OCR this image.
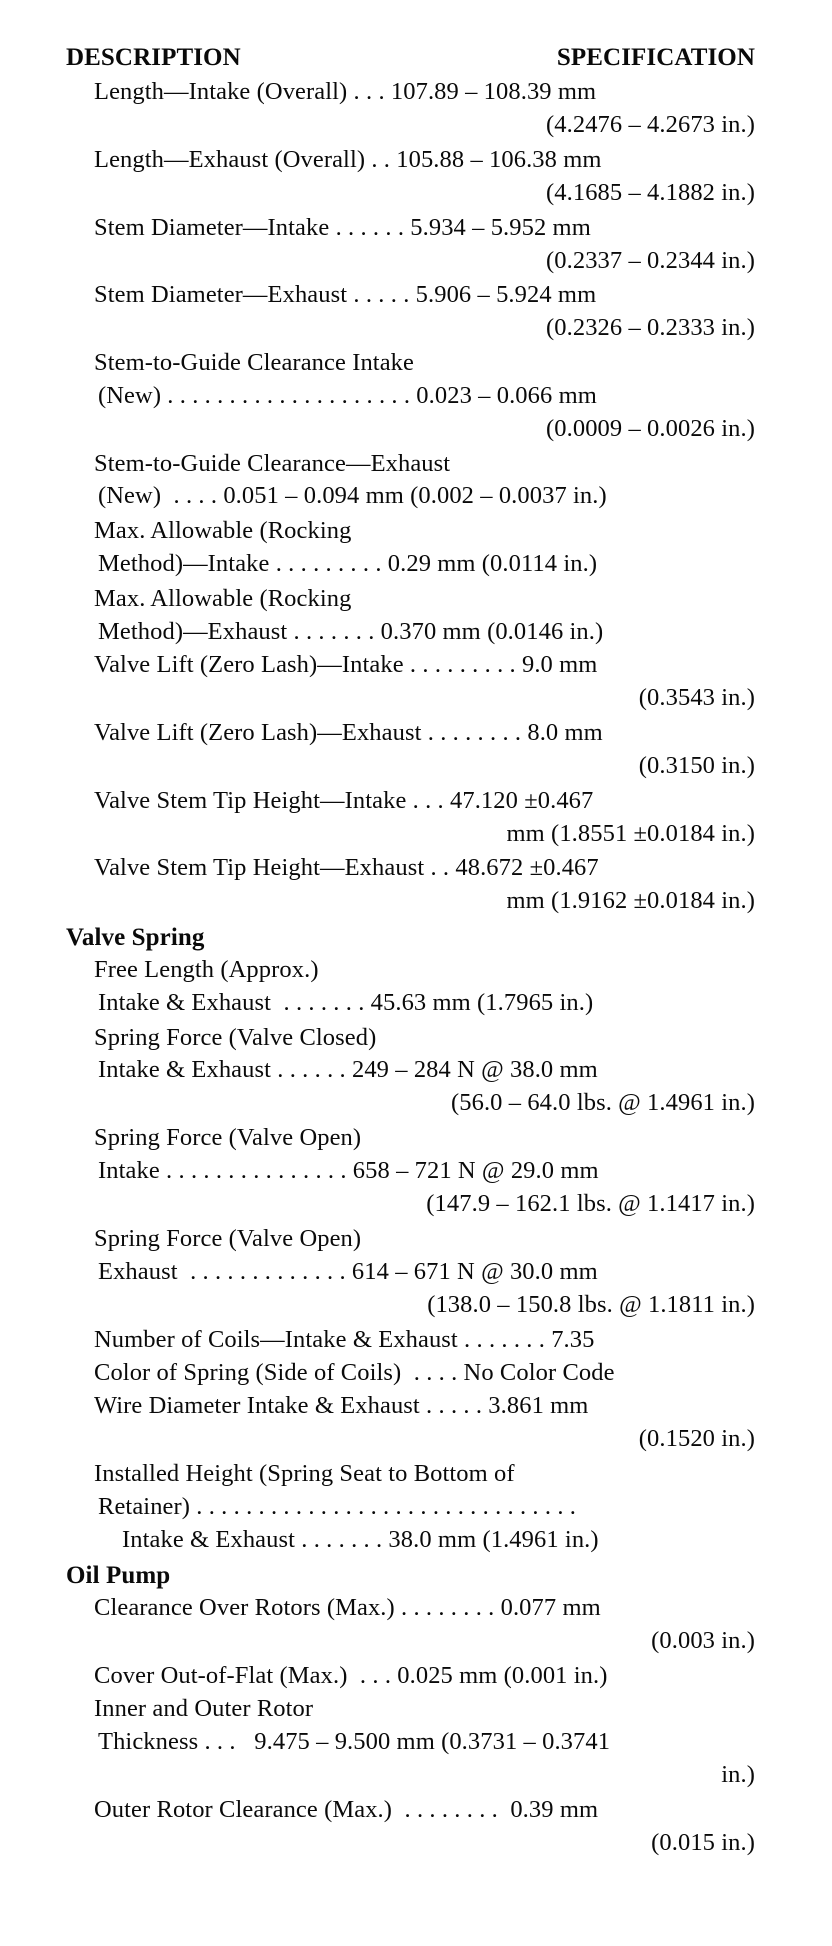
DESCRIPTION	SPECIFICATION
Length—Intake (Overall) . . . 107.89 – 108.39 mm
(4.2476 – 4.2673 in.)
Length—Exhaust (Overall) . . 105.88 – 106.38 mm
(4.1685 – 4.1882 in.)
Stem Diameter—Intake . . . . . . 5.934 – 5.952 mm
(0.2337 – 0.2344 in.)
Stem Diameter—Exhaust . . . . . 5.906 – 5.924 mm
(0.2326 – 0.2333 in.)
Stem-to-Guide Clearance Intake
(New) . . . . . . . . . . . . . . . . . . . . 0.023 – 0.066 mm
(0.0009 – 0.0026 in.)
Stem-to-Guide Clearance—Exhaust
(New)  . . . . 0.051 – 0.094 mm (0.002 – 0.0037 in.)
Max. Allowable (Rocking
Method)—Intake . . . . . . . . . 0.29 mm (0.0114 in.)
Max. Allowable (Rocking
Method)—Exhaust . . . . . . . 0.370 mm (0.0146 in.)
Valve Lift (Zero Lash)—Intake . . . . . . . . . 9.0 mm
(0.3543 in.)
Valve Lift (Zero Lash)—Exhaust . . . . . . . . 8.0 mm
(0.3150 in.)
Valve Stem Tip Height—Intake . . . 47.120 ±0.467
mm (1.8551 ±0.0184 in.)
Valve Stem Tip Height—Exhaust . . 48.672 ±0.467
mm (1.9162 ±0.0184 in.)
Valve Spring
Free Length (Approx.)
Intake & Exhaust  . . . . . . . 45.63 mm (1.7965 in.)
Spring Force (Valve Closed)
Intake & Exhaust . . . . . . 249 – 284 N @ 38.0 mm
(56.0 – 64.0 lbs. @ 1.4961 in.)
Spring Force (Valve Open)
Intake . . . . . . . . . . . . . . . 658 – 721 N @ 29.0 mm
(147.9 – 162.1 lbs. @ 1.1417 in.)
Spring Force (Valve Open)
Exhaust  . . . . . . . . . . . . . 614 – 671 N @ 30.0 mm
(138.0 – 150.8 lbs. @ 1.1811 in.)
Number of Coils—Intake & Exhaust . . . . . . . 7.35
Color of Spring (Side of Coils)  . . . . No Color Code
Wire Diameter Intake & Exhaust . . . . . 3.861 mm
(0.1520 in.)
Installed Height (Spring Seat to Bottom of
Retainer) . . . . . . . . . . . . . . . . . . . . . . . . . . . . . . .
Intake & Exhaust . . . . . . . 38.0 mm (1.4961 in.)
Oil Pump
Clearance Over Rotors (Max.) . . . . . . . . 0.077 mm
(0.003 in.)
Cover Out-of-Flat (Max.)  . . . 0.025 mm (0.001 in.)
Inner and Outer Rotor
Thickness . . .   9.475 – 9.500 mm (0.3731 – 0.3741
in.)
Outer Rotor Clearance (Max.)  . . . . . . . .  0.39 mm
(0.015 in.)
